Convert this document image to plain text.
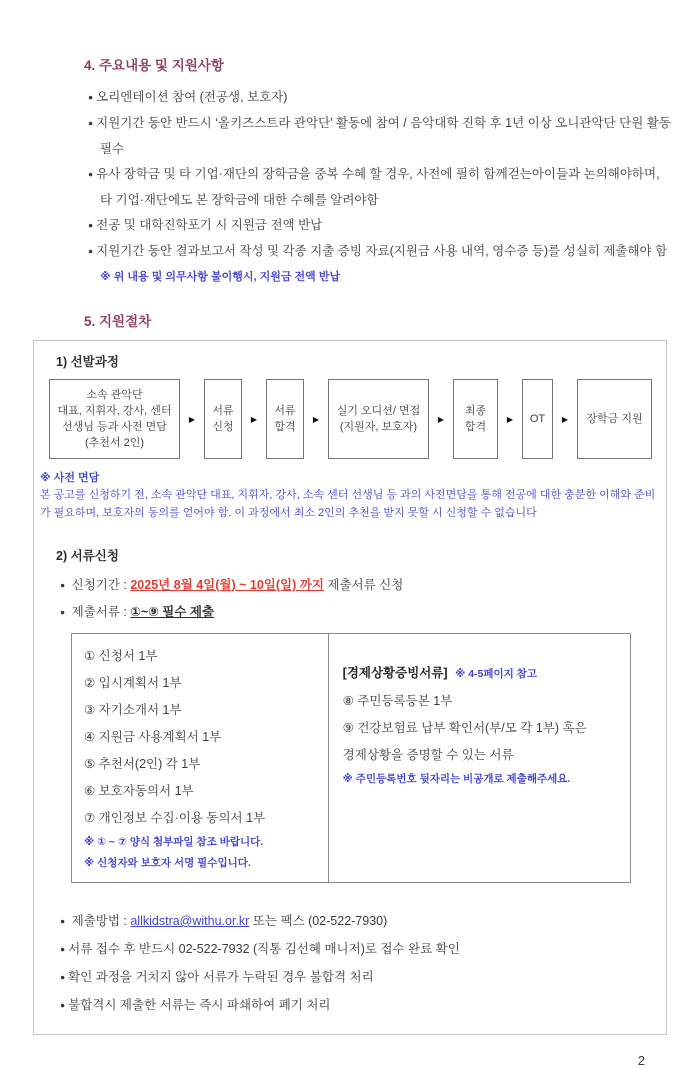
4. 주요내용 및 지원사항
● 오리엔테이션 참여 (전공생, 보호자)
● 지원기간 동안 반드시 ‘올키즈스트라 관악단’ 활동에 참여 / 음악대학 진학 후 1년 이상 오니관악단 단원 활동 필수
● 유사 장학금 및 타 기업·재단의 장학금을 중복 수혜 할 경우, 사전에 필히 함께걷는아이들과 논의해야하며, 타 기업·재단에도 본 장학금에 대한 수혜를 알려야함
● 전공 및 대학진학포기 시 지원금 전액 반납
● 지원기간 동안 결과보고서 작성 및 각종 지출 증빙 자료(지원금 사용 내역, 영수증 등)를 성실히 제출해야 함
※ 위 내용 및 의무사항 불이행시, 지원금 전액 반납
5. 지원절차
1) 선발과정
소속 관악단
대표, 지휘자, 강사, 센터
선생님 등과 사전 면담
(추천서 2인)
▶
서류
신청
▶
서류
합격
▶
실기 오디션/ 면접
(지원자, 보호자)
▶
최종
합격
▶ OT ▶ 장학금 지원
※ 사전 면담
본 공고를 신청하기 전, 소속 관악단 대표, 지휘자, 강사, 소속 센터 선생님 등 과의 사전면담을 통해 전공에 대한 충분한 이해와 준비가 필요하며, 보호자의 동의를 얻어야 함. 이 과정에서 최소 2인의 추천을 받지 못할 시 신청할 수 없습니다
2) 서류신청
● 신청기간 : 2025년 8월 4일(월) ~ 10일(일) 까지 제출서류 신청
● 제출서류 : ①~⑨ 필수 제출
① 신청서 1부
② 입시계획서 1부
③ 자기소개서 1부
④ 지원금 사용계획서 1부
⑤ 추천서(2인) 각 1부
⑥ 보호자동의서 1부
⑦ 개인정보 수집·이용 동의서 1부
※ ① ~ ⑦ 양식 첨부파일 참조 바랍니다.
※ 신청자와 보호자 서명 필수입니다.
[경제상황증빙서류] ※ 4-5페이지 참고
⑧ 주민등록등본 1부
⑨ 건강보험료 납부 확인서(부/모 각 1부) 혹은
경제상황을 증명할 수 있는 서류
※ 주민등록번호 뒷자리는 비공개로 제출해주세요.
● 제출방법 : allkidstra@withu.or.kr 또는 팩스 (02-522-7930)
● 서류 접수 후 반드시 02-522-7932 (직통 김선혜 매니저)로 접수 완료 확인
● 확인 과정을 거치지 않아 서류가 누락된 경우 불합격 처리
● 불합격시 제출한 서류는 즉시 파쇄하여 폐기 처리
2
